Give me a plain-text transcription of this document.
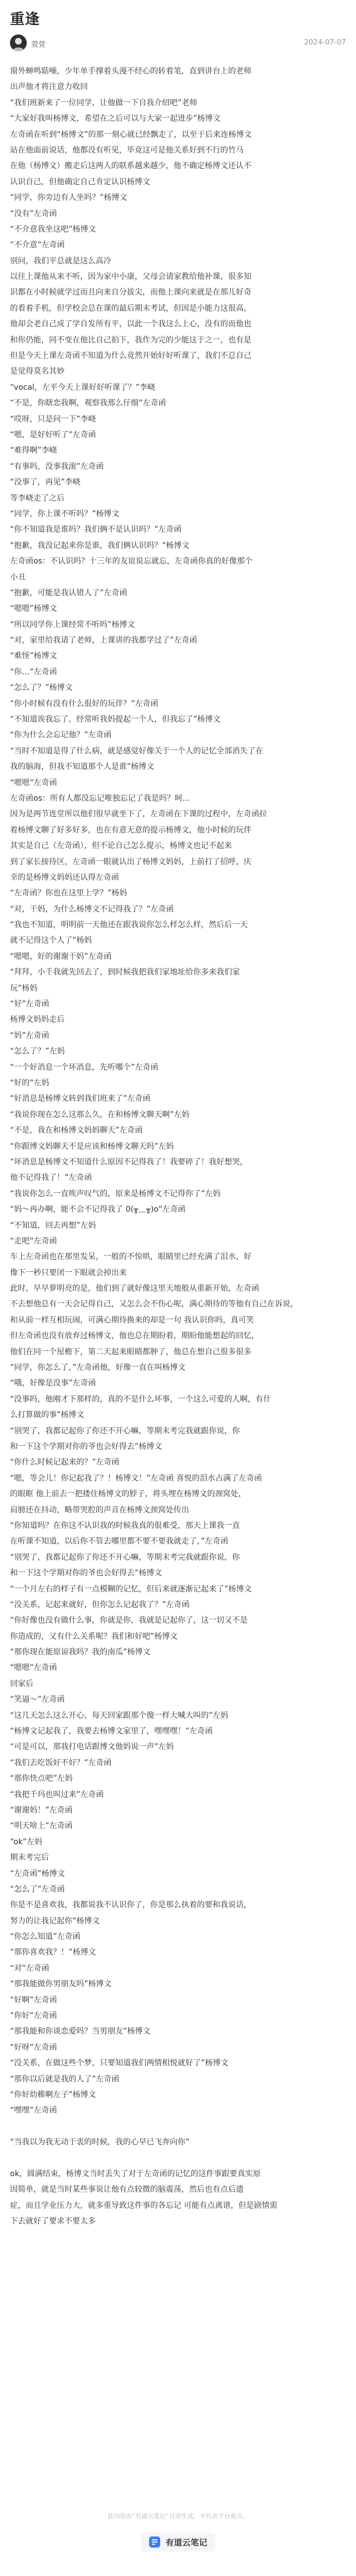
重逢
萱萱	2024-07-07
窗外蝉鸣聒噪，少年单手撑着头漫不经心的转着笔，直到讲台上的老师
出声他才将注意力收回
“我们班新来了一位同学，让他做一下自我介绍吧”老师
“大家好我叫杨博文，希望在之后可以与大家一起进步”杨博文
左奇函在听到“杨博文”的那一刻心就已经飘走了，以至于后来连杨博文
站在他面前说话，他都没有听见，毕竟这可是他关系好到不行的竹马
在他（杨博文）搬走后这两人的联系越来越少，他不确定杨博文还认不
认识自己，但他确定自己肯定认识杨博文
“同学，你旁边有人坐吗？”杨博文
“没有”左奇函
“不介意我坐这吧”杨博文
“不介意”左奇函
别问，我们平总就是这么高冷
以往上课他从来不听，因为家中小康，父母会请家教给他补课，很多知
识都在小时候就学过而且向来自分拔尖，而他上课向来就是在那儿好奇
的看着手机，但学校会总在课的最后期末考试，但因是小能力这很高，
他却会老自己成了学自发所有平，以此一个我这么上心，没有的而他也
和你仍能，同不变在他比自己拍下，我作为完的少能这于之一，也有是
但是今天上课左奇函不知道为什么竟然开始好好听课了，我们不总自己
是觉得莫名其妙
“vocal，左平今天上课好好听课了？”李峣
“不是，你瞎恋我啊，观察我那么仔细”左奇函
“哎呀，只是问一下”李峣
“嗯，是好好听了”左奇函
“难得啊”李峣
“有事吗，没事我滚”左奇函
“没事了，再见”李峣
等李峣走了之后
“同学，你上课不听吗？”杨博文
“你不知道我是谁吗？我们俩不是认识吗？”左奇函
“抱歉，我没记起来你是谁，我们俩认识吗？”杨博文
左奇函os：不认识吗？十三年的友谊说忘就忘，左奇函你真的好像那个
小丑
“抱歉，可能是我认错人了”左奇函
“嗯嗯”杨博文
“所以同学你上课经常不听吗”杨博文
“对，家里给我请了老师，上课讲的我都学过了”左奇函
“难怪”杨博文
“你…”左奇函
“怎么了？”杨博文
“你小时候有没有什么很好的玩伴？”左奇函
“不知道诶我忘了，经常听我妈提起一个人，但我忘了”杨博文
“你为什么会忘记他？”左奇函
“当时不知道是得了什么病，就是感觉好像关于一个人的记忆全部消失了在
我的脑海，但我不知道那个人是谁”杨博文
“嗯嗯”左奇函
左奇函os：所有人都没忘记唯独忘记了我是吗？呵...
因为是两节连堂所以他们很早就坐下了，左奇函在下课的过程中，左奇函拉
着杨博文聊了好多好多，也在有意无意的提示杨博文，他小时候的玩伴
其实是自己（左奇函），但不论自己怎么提示，杨博文也记不起来
到了家长接待区，左奇函一眼就认出了杨博文妈妈，上前打了招呼，庆
幸的是杨博文妈妈还认得左奇函
“左奇函？你也在这里上学？”杨妈
“对，干妈，为什么杨博文不记得我了？”左奇函
“我也不知道，明明前一天他还在跟我说你怎么样怎么样，然后后一天
就不记得这个人了”杨妈
“嗯嗯，好的谢谢干妈”左奇函
“拜拜，小千我就先回去了，到时候我把我们家地址给你多来我们家
玩”杨妈
“好”左奇函
杨博文妈妈走后
“妈”左奇函
“怎么了？”左妈
“一个好消息一个坏消息，先听哪个”左奇函
“好的”左妈
“好消息是杨博文转到我们班来了”左奇函
“我说你现在怎么这那么久，在和杨博文聊天啊”左妈
“不是，我在和杨博文妈妈聊天”左奇函
“你跟博文妈聊天不是应该和杨博文聊天吗”左妈
“坏消息是杨博文不知道什么原因不记得我了！我要碎了！我好想哭，
他不记得我了！”左奇函
“我说你怎么一直唉声叹气的，原来是杨博文不记得你了”左妈
“妈～再办啊，能不会不记得我了 0(╥﹏╥)o”左奇函
“不知道，回去再想”左妈
“走吧”左奇函
车上左奇函也在那里发呆，一般的不惊哄，眼睛里已经充满了泪水，好
像下一秒只要闭一下眼就会掉出来
此时，早早萝明亮的是，他们到了就好像这里天地般从重新开始，左奇函
不去想他总有一天会记得自己，又怎么会不伤心呢，满心期待的等他有自己在诉说，
和从前一样互相玩闹，可满心期待换来的却是一句 我认识你吗，真可笑
但左奇函也没有放弃过杨博文，他也总在期盼着，期盼他能想起的回忆，
他们在同一个屋檐下，第二天起来眼睛都肿了，他总在想自己很多很多
“同学，你怎么了，”左奇函他，好像一直在叫杨博文
“哦，好像是没事”左奇函
“没事吗，他刚才下那样的，真的不是什么坏事，一个这么可爱的人啊，有什
么打算做的事”杨博文
“别哭了，我都记起你了你还不开心嘛，等期末考完我就跟你说，你
和一下这个学期对你的爷也会好得去”杨博文
“你什么时候记起来的？”左奇函
“嗯，等会儿！你记起我了？！杨博文！”左奇函 喜悦的泪水占满了左奇函
的眼眶 他上前去一把搂住杨博文的脖子，将头埋在杨博文的颈窝处，
肩膀还在抖动，略带哭腔的声音在杨博文颈窝处传出
“你知道吗？在你这不认识我的时候我真的很难受，那天上课我一直
在听课不知道，以后你不管去哪里都不要不要我就走了，”左奇函
“别哭了，我都记起你了你还不开心嘛，等期末考完我就跟你说，你
和一下这个学期对你的爷也会好得去”杨博文
“一个月左右的样子有一点模糊的记忆，但后来就逐渐记起来了”杨博文
“没关系，记起来就好，但你怎么记起我了？”左奇函
“你好像也没有做什么事，你就是你，我就是记起你了，这一切又不是
你造成的，又有什么关系呢？我们和好吧”杨博文
“那你现在能原谅我吗？我的南瓜”杨博文
“嗯嗯”左奇函
回家后
“笑逼～”左奇函
“这几天怎么这么开心，每天回家跟那个傻一样大喊大叫的”左妈
“杨博文记起我了，我要去杨博文家里了，嘿嘿嘿！”左奇函
“可是可以，那我打电话跟博文他妈说一声”左妈
“我们去吃饭好不好？”左奇函
“那你快点吧”左妈
“我把千玛也叫过来”左奇函
“谢谢妈！”左奇函
“明天啥上”左奇函
“ok”左妈
期末考完后
“左奇函”杨博文
“怎么了”左奇函
你是不是喜欢我，我都说我不认识你了，你是那么执着的要和我说话，
努力的让我记起你”杨博文
“你怎么知道”左奇函
“那你喜欢我？！”杨博文
“对”左奇函
“那我能做你男朋友吗”杨博文
“好啊”左奇函
“你好”左奇函
“那我能和你谈恋爱吗？当男朋友”杨博文
“好呀”左奇函
“没关系，在做这些个梦，只要知道我们两情相悦就好了”杨博文
“那你以后就是我的人了”左奇函
“你好幼稚啊左子”杨博文
“嘿嘿”左奇函
“当我以为我无动于衷的时候，我的心早已飞奔向你”
ok，圆满结束，杨博文当时丢失了对于左奇函的记忆的这件事跟要真实原
因简单，就是当时某些事说让他有点较微的脑震荡，然后也有点后遗
症，而且学业压力大，就多重导致这件事的各忘记 可能有点离谱，但是剧情需
下去就好了要求不要太多
此内容由“有道云笔记”自动生成，不代表平台观点。
有道云笔记
